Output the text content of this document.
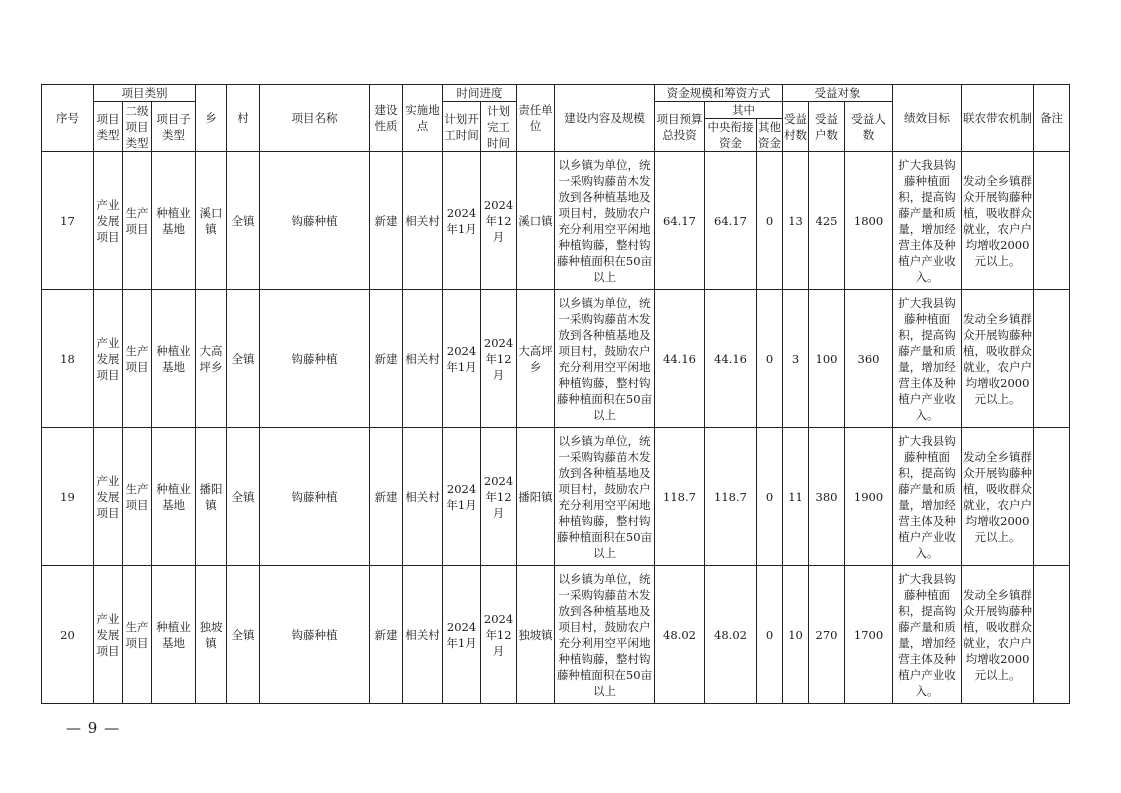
序号	项目类别			乡	村	项目名称	建设性质	实施地点	时间进度		责任单位	建设内容及规模	资金规模和筹资方式			受益对象			绩效目标	联农带农机制	备注
	项目类型	二级项目类型	项目子类型						计划开工时间	计划完工时间			项目预算总投资	其中		受益村数	受益户数	受益人数			
														中央衔接资金	其他资金						
17	产业发展项目	生产项目	种植业基地	溪口镇	全镇	钩藤种植	新建	相关村	2024年1月	2024年12月	溪口镇	以乡镇为单位，统一采购钩藤苗木发放到各种植基地及项目村，鼓励农户充分利用空平闲地种植钩藤，整村钩藤种植面积在50亩以上	64.17	64.17	0	13	425	1800	扩大我县钩藤种植面积，提高钩藤产量和质量，增加经营主体及种植户产业收入。	发动全乡镇群众开展钩藤种植，吸收群众就业，农户户均增收2000元以上。	
18	产业发展项目	生产项目	种植业基地	大高坪乡	全镇	钩藤种植	新建	相关村	2024年1月	2024年12月	大高坪乡	以乡镇为单位，统一采购钩藤苗木发放到各种植基地及项目村，鼓励农户充分利用空平闲地种植钩藤，整村钩藤种植面积在50亩以上	44.16	44.16	0	3	100	360	扩大我县钩藤种植面积，提高钩藤产量和质量，增加经营主体及种植户产业收入。	发动全乡镇群众开展钩藤种植，吸收群众就业，农户户均增收2000元以上。	
19	产业发展项目	生产项目	种植业基地	播阳镇	全镇	钩藤种植	新建	相关村	2024年1月	2024年12月	播阳镇	以乡镇为单位，统一采购钩藤苗木发放到各种植基地及项目村，鼓励农户充分利用空平闲地种植钩藤，整村钩藤种植面积在50亩以上	118.7	118.7	0	11	380	1900	扩大我县钩藤种植面积，提高钩藤产量和质量，增加经营主体及种植户产业收入。	发动全乡镇群众开展钩藤种植，吸收群众就业，农户户均增收2000元以上。	
20	产业发展项目	生产项目	种植业基地	独坡镇	全镇	钩藤种植	新建	相关村	2024年1月	2024年12月	独坡镇	以乡镇为单位，统一采购钩藤苗木发放到各种植基地及项目村，鼓励农户充分利用空平闲地种植钩藤，整村钩藤种植面积在50亩以上	48.02	48.02	0	10	270	1700	扩大我县钩藤种植面积，提高钩藤产量和质量，增加经营主体及种植户产业收入。	发动全乡镇群众开展钩藤种植，吸收群众就业，农户户均增收2000元以上。	
— 9 —
